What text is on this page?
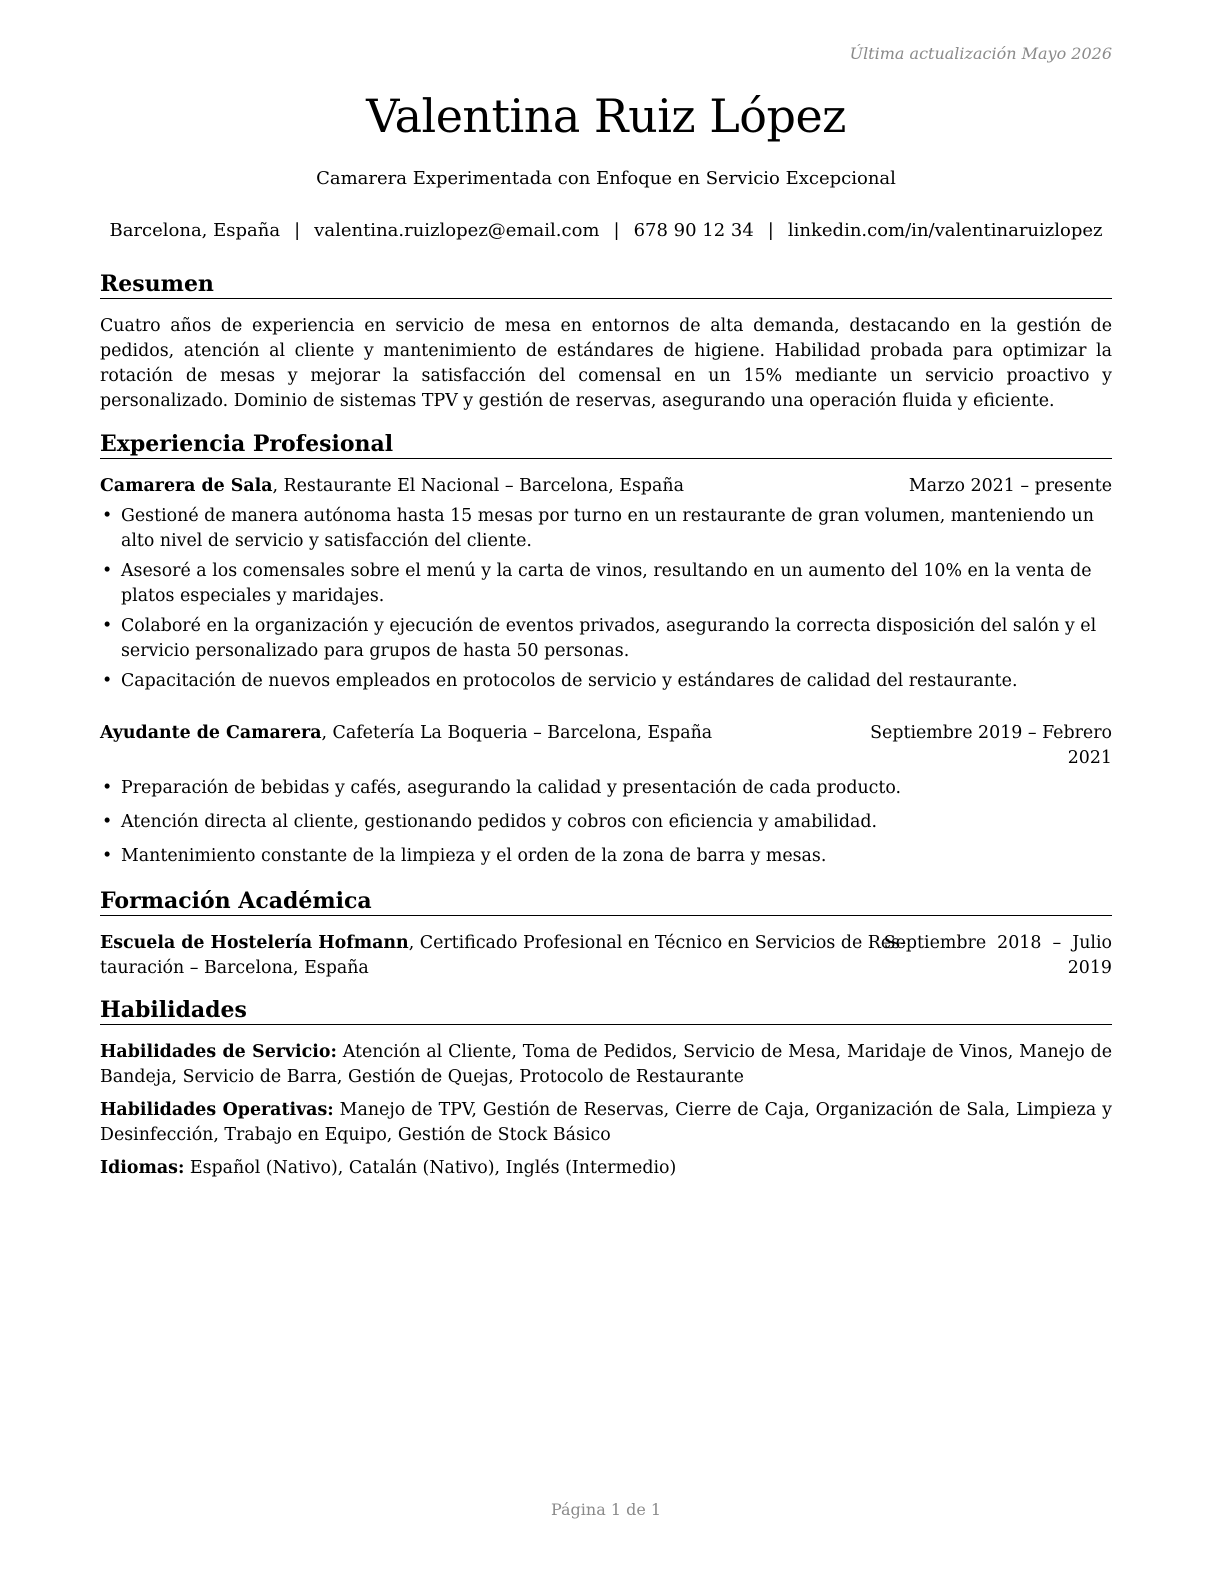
Última actualización Mayo 2026
Valentina Ruiz López
Camarera Experimentada con Enfoque en Servicio Excepcional
Barcelona, España | valentina.ruizlopez@email.com | 678 90 12 34 | linkedin.com/in/valentinaruizlopez
Resumen
Cuatro años de experiencia en servicio de mesa en entornos de alta demanda, destacando en la gestión de pedidos, atención al cliente y mantenimiento de estándares de higiene. Habilidad probada para optimizar la rotación de mesas y mejorar la satisfacción del comensal en un 15% mediante un servicio proactivo y personalizado. Dominio de sistemas TPV y gestión de reservas, asegurando una operación fluida y eficiente.
Experiencia Profesional
Camarera de Sala, Restaurante El Nacional – Barcelona, España	Marzo 2021 – presente
• Gestioné de manera autónoma hasta 15 mesas por turno en un restaurante de gran volumen, manteniendo un alto nivel de servicio y satisfacción del cliente.
• Asesoré a los comensales sobre el menú y la carta de vinos, resultando en un aumento del 10% en la venta de platos especiales y maridajes.
• Colaboré en la organización y ejecución de eventos privados, asegurando la correcta disposición del salón y el servicio personalizado para grupos de hasta 50 personas.
• Capacitación de nuevos empleados en protocolos de servicio y estándares de calidad del restaurante.
Ayudante de Camarera, Cafetería La Boqueria – Barcelona, España	Septiembre 2019 – Febrero
2021
• Preparación de bebidas y cafés, asegurando la calidad y presentación de cada producto.
• Atención directa al cliente, gestionando pedidos y cobros con eficiencia y amabilidad.
• Mantenimiento constante de la limpieza y el orden de la zona de barra y mesas.
Formación Académica
Escuela de Hostelería Hofmann, Certificado Profesional en Técnico en Servicios de Res-
tauración – Barcelona, España
Septiembre  2018  –  Julio
2019
Habilidades
Habilidades de Servicio: Atención al Cliente, Toma de Pedidos, Servicio de Mesa, Maridaje de Vinos, Manejo de Bandeja, Servicio de Barra, Gestión de Quejas, Protocolo de Restaurante
Habilidades Operativas: Manejo de TPV, Gestión de Reservas, Cierre de Caja, Organización de Sala, Limpieza y Desinfección, Trabajo en Equipo, Gestión de Stock Básico
Idiomas: Español (Nativo), Catalán (Nativo), Inglés (Intermedio)
Página 1 de 1
